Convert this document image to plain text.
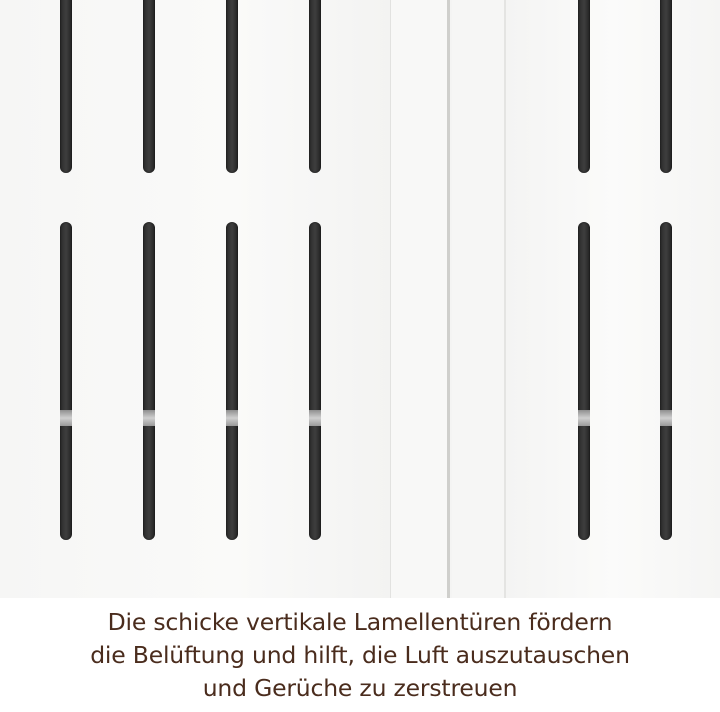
Die schicke vertikale Lamellentüren fördern
die Belüftung und hilft, die Luft auszutauschen
und Gerüche zu zerstreuen
